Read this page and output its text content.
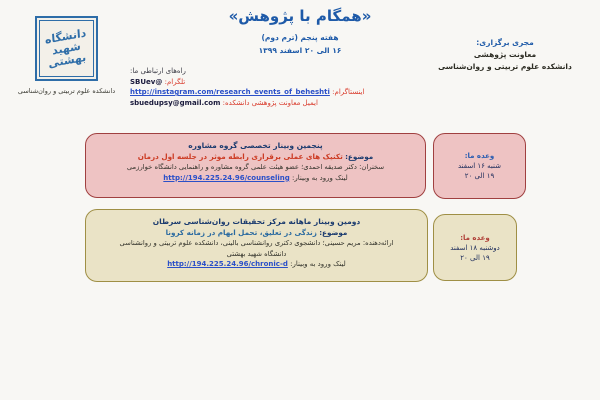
دانشگاه شهید بهشتی
دانشکده علوم تربیتی و روان‌شناسی
«همگام با پژوهش»
هفته پنجم (ترم دوم)
۱۶ الی ۲۰ اسفند ۱۳۹۹
مجری برگزاری:
معاونت پژوهشی
دانشکده علوم تربیتی و روان‌شناسی
راه‌های ارتباطی ما:
تلگرام: @SBUev
اینستاگرام: http://instagram.com/research_events_of_beheshti
ایمیل معاونت پژوهشی دانشکده: sbuedupsy@gmail.com
پنجمین وبینار تخصصی گروه مشاوره
موضوع: تکنیک های عملی برقراری رابطه موثر در جلسه اول درمان
سخنران: دکتر صدیقه احمدی؛ عضو هیئت علمی گروه مشاوره و راهنمایی دانشگاه خوارزمی
لینک ورود به وبینار: http://194.225.24.96/counseling
وعده ما:
شنبه ۱۶ اسفند
۱۹ الی ۲۰
دومین وبینار ماهانه مرکز تحقیقات روان‌شناسی سرطان
موضوع: زندگی در تعلیق، تحمل ابهام در زمانه کرونا
ارائه‌دهنده: مریم حسینی؛ دانشجوی دکتری روانشناسی بالینی، دانشکده علوم تربیتی و روانشناسی
دانشگاه شهید بهشتی
لینک ورود به وبینار: http://194.225.24.96/chronic-d
وعده ما:
دوشنبه ۱۸ اسفند
۱۹ الی ۲۰
